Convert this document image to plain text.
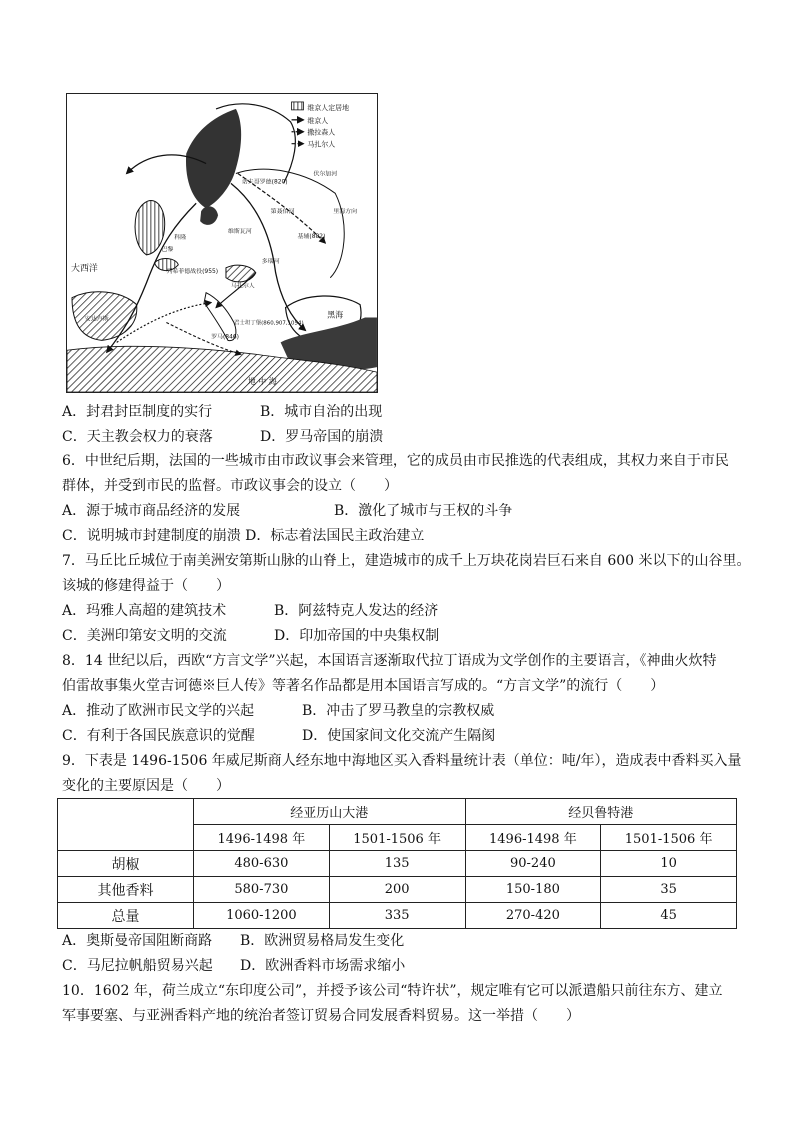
维京人定居地
维京人
撒拉森人
马扎尔人
大西洋
黑海
地 中 海
基辅(882)
诺夫哥罗德(820)
伏尔加河
君士坦丁堡(860,907,1054)
罗马(846)
巴黎
科隆
马扎尔人
安达卢斯
列希菲德战役(955)
第聂伯河
多瑙河
维斯瓦河
里海方向
A．封君封臣制度的实行	B．城市自治的出现
C．天主教会权力的衰落	D．罗马帝国的崩溃
6．中世纪后期，法国的一些城市由市政议事会来管理，它的成员由市民推选的代表组成，其权力来自于市民
群体，并受到市民的监督。市政议事会的设立（　　）
A．源于城市商品经济的发展	B．激化了城市与王权的斗争
C．说明城市封建制度的崩溃 D．标志着法国民主政治建立
7．马丘比丘城位于南美洲安第斯山脉的山脊上，建造城市的成千上万块花岗岩巨石来自 600 米以下的山谷里。
该城的修建得益于（　　）
A．玛雅人高超的建筑技术	B．阿兹特克人发达的经济
C．美洲印第安文明的交流	D．印加帝国的中央集权制
8．14 世纪以后，西欧“方言文学”兴起，本国语言逐渐取代拉丁语成为文学创作的主要语言，《神曲火炊特
伯雷故事集火堂吉诃德※巨人传》等著名作品都是用本国语言写成的。“方言文学”的流行（　　）
A．推动了欧洲市民文学的兴起	B．冲击了罗马教皇的宗教权威
C．有利于各国民族意识的觉醒	D．使国家间文化交流产生隔阂
9．下表是 1496-1506 年威尼斯商人经东地中海地区买入香料量统计表（单位：吨/年），造成表中香料买入量
变化的主要原因是（　　）
	经亚历山大港		经贝鲁特港	
	1496-1498 年	1501-1506 年	1496-1498 年	1501-1506 年
胡椒	480-630	135	90-240	10
其他香料	580-730	200	150-180	35
总量	1060-1200	335	270-420	45
A．奥斯曼帝国阻断商路 B．欧洲贸易格局发生变化
C．马尼拉帆船贸易兴起 D．欧洲香料市场需求缩小
10．1602 年，荷兰成立“东印度公司”，并授予该公司“特许状”，规定唯有它可以派遣船只前往东方、建立
军事要塞、与亚洲香料产地的统治者签订贸易合同发展香料贸易。这一举措（　　）
